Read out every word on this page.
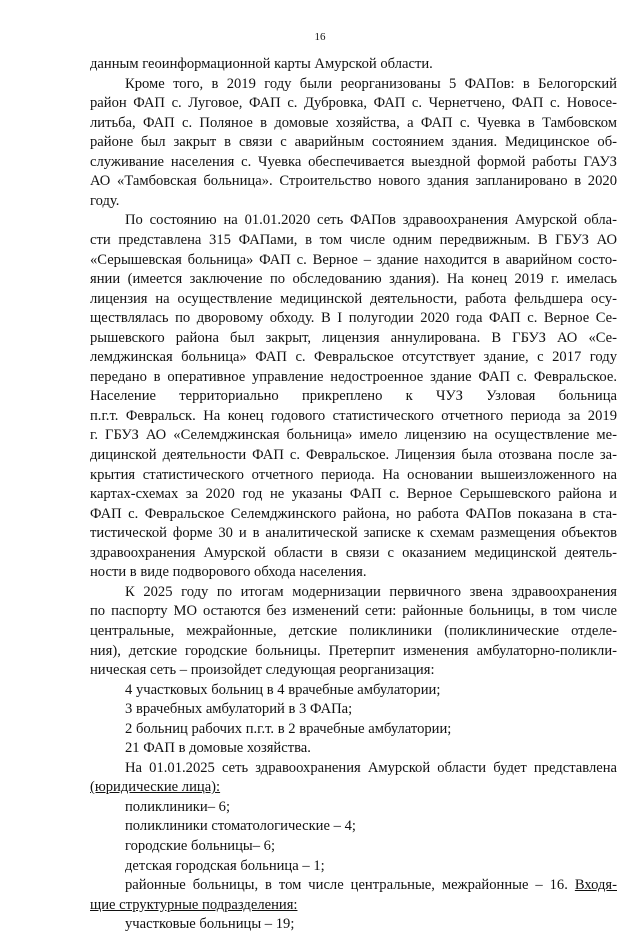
16
данным геоинформационной карты Амурской области.
Кроме того, в 2019 году были реорганизованы 5 ФАПов: в Белогорский
район ФАП с. Луговое, ФАП с. Дубровка, ФАП с. Чернетчено, ФАП с. Новосе-
литьба, ФАП с. Поляное в домовые хозяйства, а ФАП с. Чуевка в Тамбовском
районе был закрыт в связи с аварийным состоянием здания. Медицинское об-
служивание населения с. Чуевка обеспечивается выездной формой работы ГАУЗ
АО «Тамбовская больница». Строительство нового здания запланировано в 2020
году.
По состоянию на 01.01.2020 сеть ФАПов здравоохранения Амурской обла-
сти представлена 315 ФАПами, в том числе одним передвижным. В ГБУЗ АО
«Серышевская больница» ФАП с. Верное – здание находится в аварийном состо-
янии (имеется заключение по обследованию здания). На конец 2019 г. имелась
лицензия на осуществление медицинской деятельности, работа фельдшера осу-
ществлялась по дворовому обходу. В I полугодии 2020 года ФАП с. Верное Се-
рышевского района был закрыт, лицензия аннулирована. В ГБУЗ АО «Се-
лемджинская больница» ФАП с. Февральское отсутствует здание, с 2017 году
передано в оперативное управление недостроенное здание ФАП с. Февральское.
Население территориально прикреплено к ЧУЗ Узловая больница
п.г.т. Февральск. На конец годового статистического отчетного периода за 2019
г. ГБУЗ АО «Селемджинская больница» имело лицензию на осуществление ме-
дицинской деятельности ФАП с. Февральское. Лицензия была отозвана после за-
крытия статистического отчетного периода. На основании вышеизложенного на
картах-схемах за 2020 год не указаны ФАП с. Верное Серышевского района и
ФАП с. Февральское Селемджинского района, но работа ФАПов показана в ста-
тистической форме 30 и в аналитической записке к схемам размещения объектов
здравоохранения Амурской области в связи с оказанием медицинской деятель-
ности в виде подворового обхода населения.
К 2025 году по итогам модернизации первичного звена здравоохранения
по паспорту МО остаются без изменений сети: районные больницы, в том числе
центральные, межрайонные, детские поликлиники (поликлинические отделе-
ния), детские городские больницы. Претерпит изменения амбулаторно-поликли-
ническая сеть – произойдет следующая реорганизация:
4 участковых больниц в 4 врачебные амбулатории;
3 врачебных амбулаторий в 3 ФАПа;
2 больниц рабочих п.г.т. в 2 врачебные амбулатории;
21 ФАП в домовые хозяйства.
На 01.01.2025 сеть здравоохранения Амурской области будет представлена
(юридические лица):
поликлиники– 6;
поликлиники стоматологические – 4;
городские больницы– 6;
детская городская больница – 1;
районные больницы, в том числе центральные, межрайонные – 16. Входя-
щие структурные подразделения:
участковые больницы – 19;
